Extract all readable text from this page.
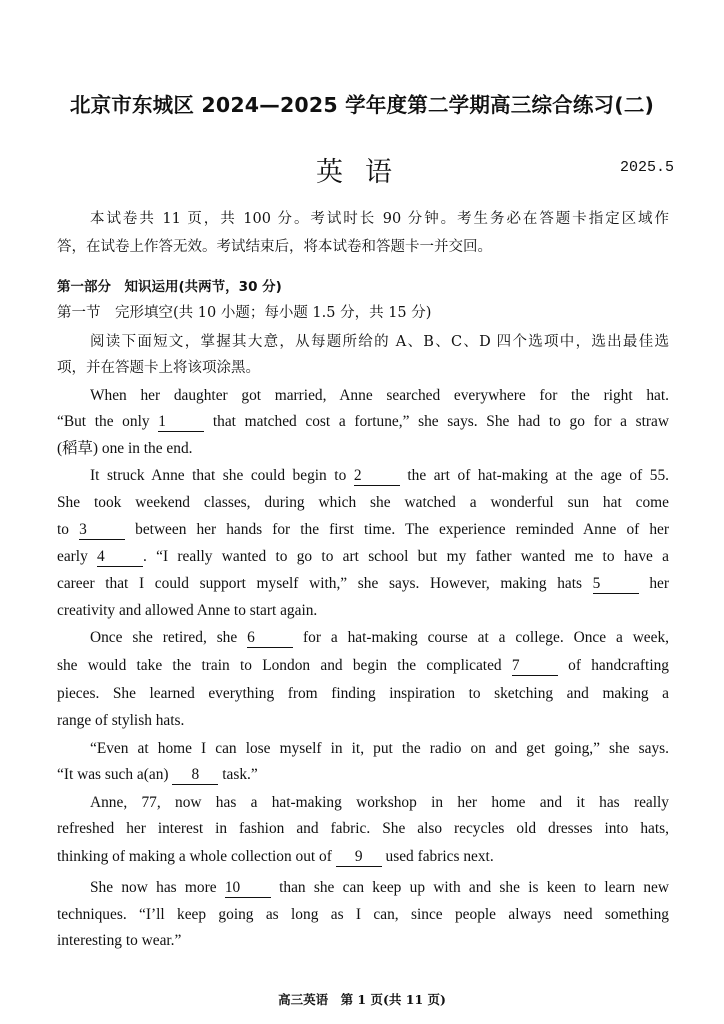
北京市东城区 2024—2025 学年度第二学期高三综合练习(二)
英语	2025.5
本试卷共 11 页，共 100 分。考试时长 90 分钟。考生务必在答题卡指定区域作
答，在试卷上作答无效。考试结束后，将本试卷和答题卡一并交回。
第一部分　知识运用(共两节，30 分)
第一节　完形填空(共 10 小题；每小题 1.5 分，共 15 分)
阅读下面短文，掌握其大意，从每题所给的 A、B、C、D 四个选项中，选出最佳选
项，并在答题卡上将该项涂黑。
When her daughter got married, Anne searched everywhere for the right hat.
“But the only 1 that matched cost a fortune,” she says. She had to go for a straw
(稻草) one in the end.
It struck Anne that she could begin to 2 the art of hat-making at the age of 55.
She took weekend classes, during which she watched a wonderful sun hat come
to 3 between her hands for the first time. The experience reminded Anne of her
early 4 . “I really wanted to go to art school but my father wanted me to have a
career that I could support myself with,” she says. However, making hats 5 her
creativity and allowed Anne to start again.
Once she retired, she 6 for a hat-making course at a college. Once a week,
she would take the train to London and begin the complicated 7 of handcrafting
pieces. She learned everything from finding inspiration to sketching and making a
range of stylish hats.
“Even at home I can lose myself in it, put the radio on and get going,” she says.
“It was such a(an) 8 task.”
Anne, 77, now has a hat-making workshop in her home and it has really
refreshed her interest in fashion and fabric. She also recycles old dresses into hats,
thinking of making a whole collection out of 9 used fabrics next.
She now has more 10 than she can keep up with and she is keen to learn new
techniques. “I’ll keep going as long as I can, since people always need something
interesting to wear.”
高三英语　第 1 页(共 11 页)
